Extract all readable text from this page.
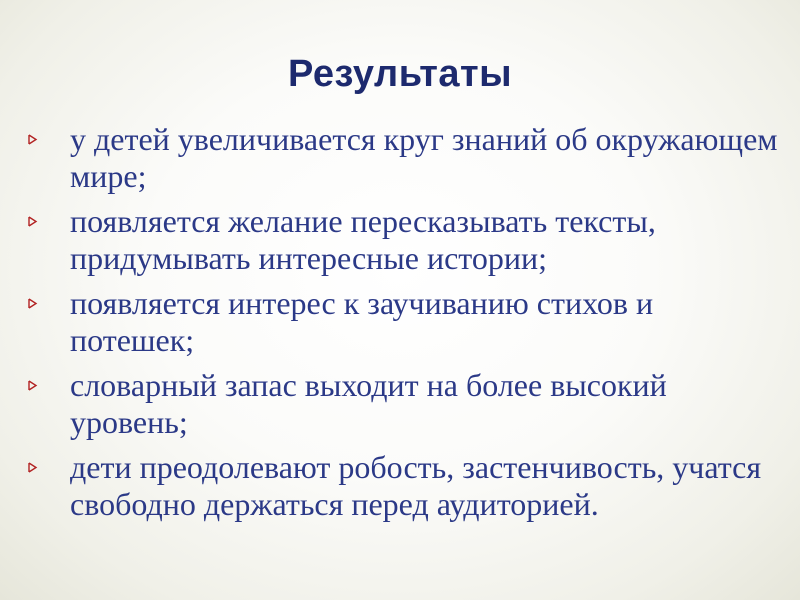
Результаты
у детей увеличивается круг знаний об окружающем мире;
появляется желание пересказывать тексты, придумывать интересные истории;
появляется интерес к заучиванию стихов и потешек;
словарный запас выходит на более высокий уровень;
дети преодолевают робость, застенчивость, учатся свободно держаться перед аудиторией.
